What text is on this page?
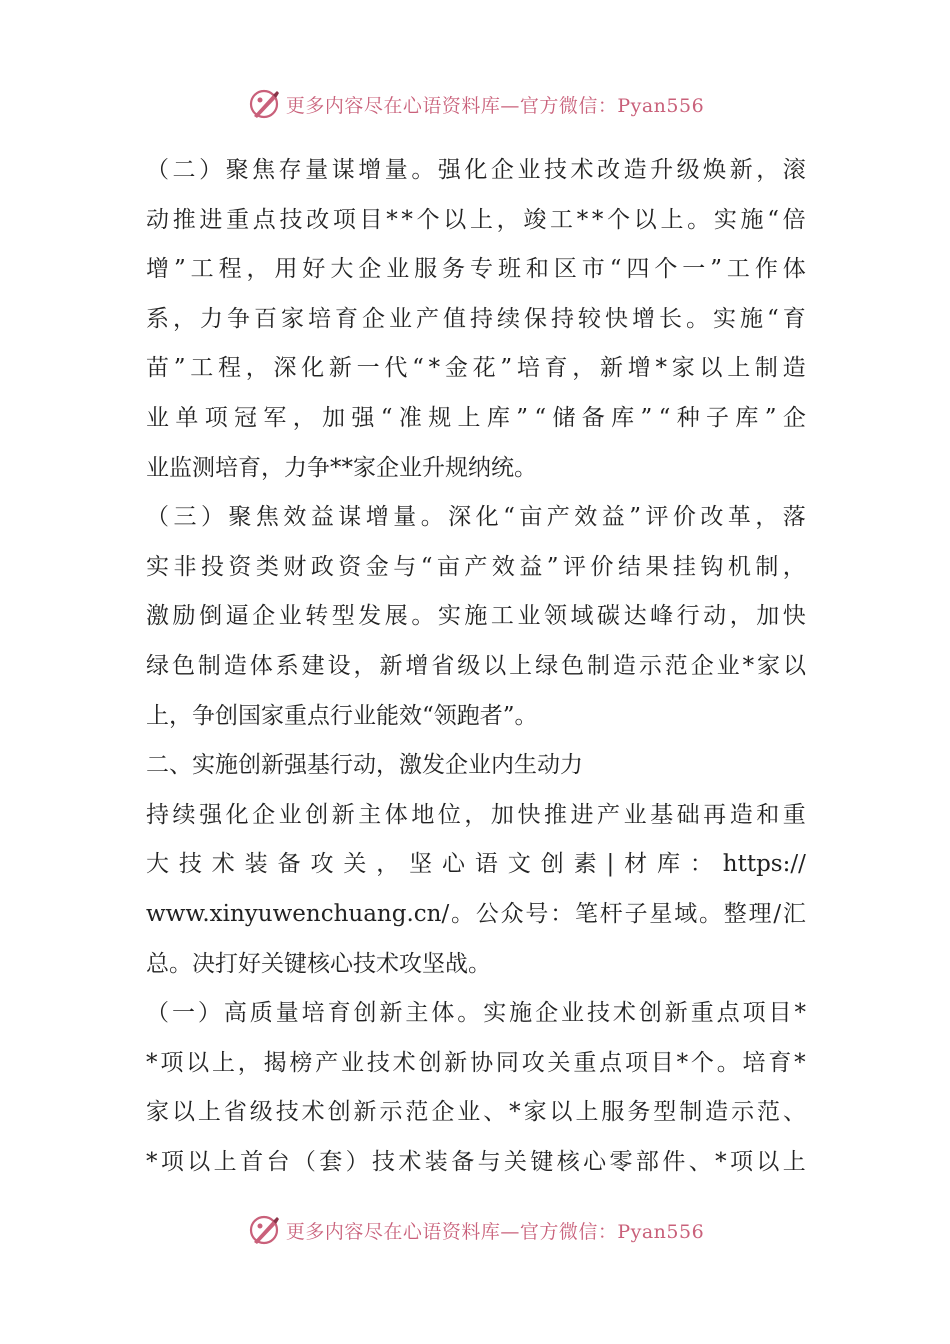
更多内容尽在心语资料库—官方微信：Pyan556
（ 二 ） 聚 焦 存 量 谋 增 量 。 强 化 企 业 技 术 改 造 升 级 焕 新 ， 滚
动 推 进 重 点 技 改 项 目 * * 个 以 上 ， 竣 工 * * 个 以 上 。 实 施 “ 倍
增 ” 工 程 ， 用 好 大 企 业 服 务 专 班 和 区 市 “ 四 个 一 ” 工 作 体
系 ， 力 争 百 家 培 育 企 业 产 值 持 续 保 持 较 快 增 长 。 实 施 “ 育
苗 ” 工 程 ， 深 化 新 一 代 “ * 金 花 ” 培 育 ， 新 增 * 家 以 上 制 造
业 单 项 冠 军 ， 加 强 “ 准 规 上 库 ” “ 储 备 库 ” “ 种 子 库 ” 企
业监测培育，力争**家企业升规纳统。
（ 三 ） 聚 焦 效 益 谋 增 量 。 深 化 “ 亩 产 效 益 ” 评 价 改 革 ， 落
实 非 投 资 类 财 政 资 金 与 “ 亩 产 效 益 ” 评 价 结 果 挂 钩 机 制 ，
激 励 倒 逼 企 业 转 型 发 展 。 实 施 工 业 领 域 碳 达 峰 行 动 ， 加 快
绿 色 制 造 体 系 建 设 ， 新 增 省 级 以 上 绿 色 制 造 示 范 企 业 * 家 以
上，争创国家重点行业能效“领跑者”。
二、实施创新强基行动，激发企业内生动力
持 续 强 化 企 业 创 新 主 体 地 位 ， 加 快 推 进 产 业 基 础 再 造 和 重
大 技 术 装 备 攻 关 ， 坚 心 语 文 创 素 | 材 库 ： https://
www.xinyuwenchuang.cn/ 。 公 众 号 ： 笔 杆 子 星 域 。 整 理 / 汇
总。决打好关键核心技术攻坚战。
（ 一 ） 高 质 量 培 育 创 新 主 体 。 实 施 企 业 技 术 创 新 重 点 项 目 *
* 项 以 上 ， 揭 榜 产 业 技 术 创 新 协 同 攻 关 重 点 项 目 * 个 。 培 育 *
家 以 上 省 级 技 术 创 新 示 范 企 业 、 * 家 以 上 服 务 型 制 造 示 范 、
* 项 以 上 首 台 （ 套 ） 技 术 装 备 与 关 键 核 心 零 部 件 、 * 项 以 上
更多内容尽在心语资料库—官方微信：Pyan556
